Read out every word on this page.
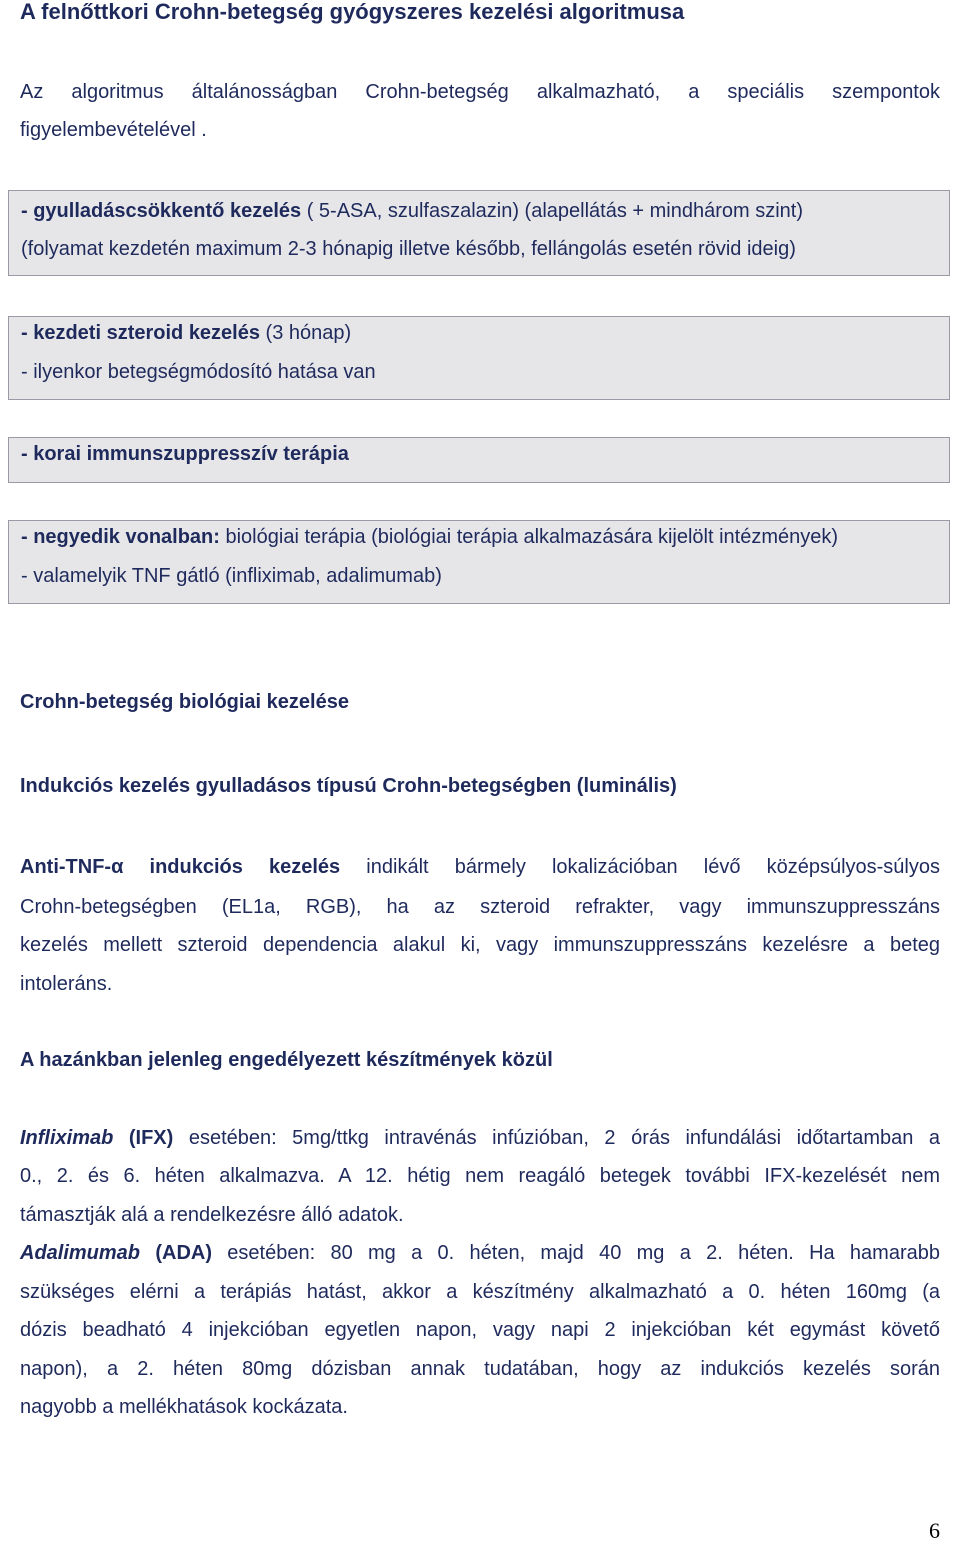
A felnőttkori Crohn-betegség gyógyszeres kezelési algoritmusa
Az algoritmus általánosságban Crohn-betegség alkalmazható, a speciális szempontok
figyelembevételével .
- gyulladáscsökkentő kezelés ( 5-ASA, szulfaszalazin) (alapellátás + mindhárom szint)
(folyamat kezdetén maximum 2-3 hónapig illetve később, fellángolás esetén rövid ideig)
- kezdeti szteroid kezelés (3 hónap)
- ilyenkor betegségmódosító hatása van
- korai immunszuppresszív terápia
- negyedik vonalban: biológiai terápia (biológiai terápia alkalmazására kijelölt intézmények)
- valamelyik TNF gátló (infliximab, adalimumab)
Crohn-betegség biológiai kezelése
Indukciós kezelés gyulladásos típusú Crohn-betegségben (luminális)
Anti-TNF-α indukciós kezelés indikált bármely lokalizációban lévő középsúlyos-súlyos
Crohn-betegségben (EL1a, RGB), ha az szteroid refrakter, vagy immunszuppresszáns
kezelés mellett szteroid dependencia alakul ki, vagy immunszuppresszáns kezelésre a beteg
intoleráns.
A hazánkban jelenleg engedélyezett készítmények közül
Infliximab (IFX) esetében: 5mg/ttkg intravénás infúzióban, 2 órás infundálási időtartamban a
0., 2. és 6. héten alkalmazva. A 12. hétig nem reagáló betegek további IFX-kezelését nem
támasztják alá a rendelkezésre álló adatok.
Adalimumab (ADA) esetében: 80 mg a 0. héten, majd 40 mg a 2. héten. Ha hamarabb
szükséges elérni a terápiás hatást, akkor a készítmény alkalmazható a 0. héten 160mg (a
dózis beadható 4 injekcióban egyetlen napon, vagy napi 2 injekcióban két egymást követő
napon), a 2. héten 80mg dózisban annak tudatában, hogy az indukciós kezelés során
nagyobb a mellékhatások kockázata.
6
